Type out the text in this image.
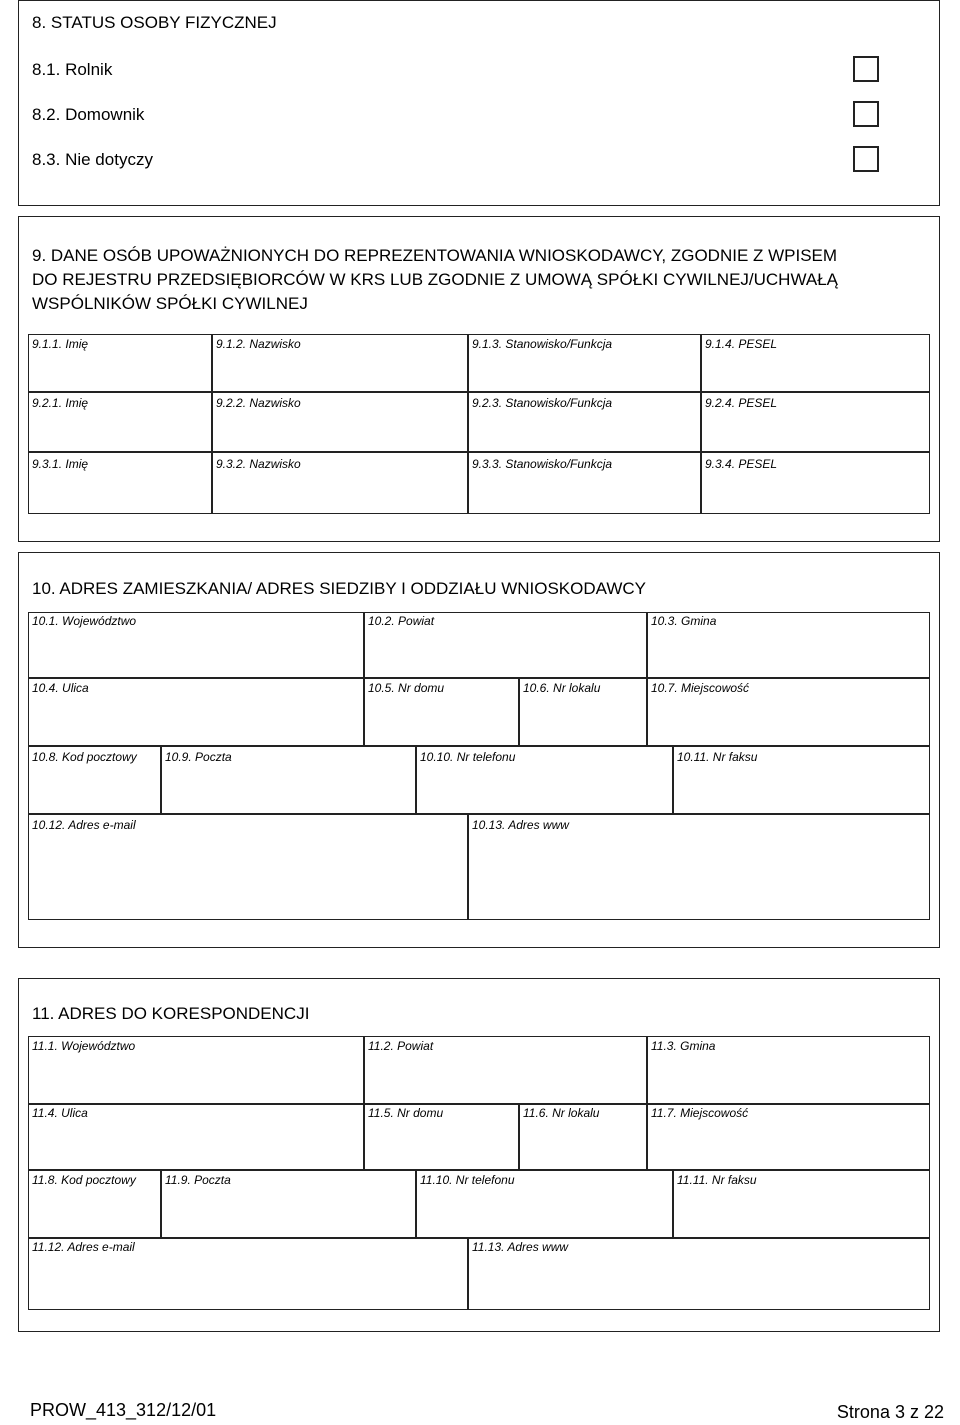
8. STATUS OSOBY FIZYCZNEJ
8.1. Rolnik
8.2. Domownik
8.3. Nie dotyczy
9. DANE OSÓB UPOWAŻNIONYCH DO REPREZENTOWANIA WNIOSKODAWCY, ZGODNIE Z WPISEM
DO REJESTRU PRZEDSIĘBIORCÓW W KRS LUB ZGODNIE Z UMOWĄ SPÓŁKI CYWILNEJ/UCHWAŁĄ
WSPÓLNIKÓW SPÓŁKI CYWILNEJ
9.1.1. Imię	9.1.2. Nazwisko	9.1.3. Stanowisko/Funkcja	9.1.4. PESEL
9.2.1. Imię	9.2.2. Nazwisko	9.2.3. Stanowisko/Funkcja	9.2.4. PESEL
9.3.1. Imię	9.3.2. Nazwisko	9.3.3. Stanowisko/Funkcja	9.3.4. PESEL
10. ADRES ZAMIESZKANIA/ ADRES SIEDZIBY I ODDZIAŁU WNIOSKODAWCY
10.1. Województwo	10.2. Powiat	10.3. Gmina
10.4. Ulica	10.5. Nr domu	10.6. Nr lokalu	10.7. Miejscowość
10.8. Kod pocztowy 10.9. Poczta	10.10. Nr telefonu	10.11. Nr faksu
10.12. Adres e-mail	10.13. Adres www
11. ADRES DO KORESPONDENCJI
11.1. Województwo	11.2. Powiat	11.3. Gmina
11.4. Ulica	11.5. Nr domu	11.6. Nr lokalu	11.7. Miejscowość
11.8. Kod pocztowy 11.9. Poczta	11.10. Nr telefonu	11.11. Nr faksu
11.12. Adres e-mail	11.13. Adres www
PROW_413_312/12/01	Strona 3 z 22
